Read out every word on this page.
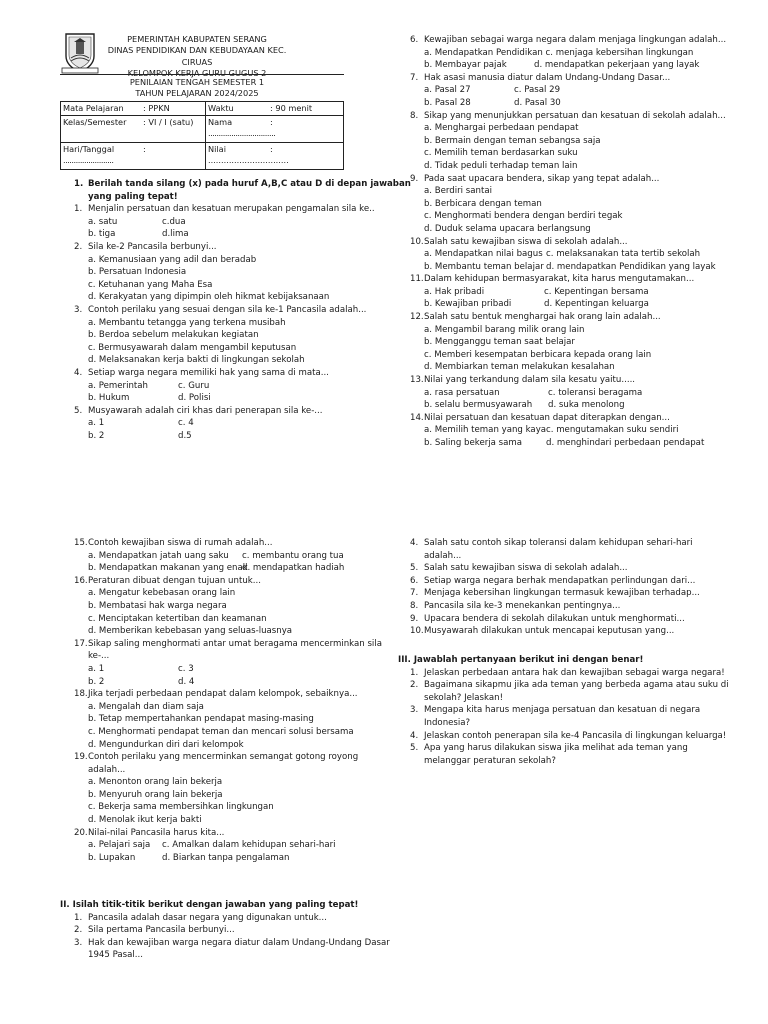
PEMERINTAH KABUPATEN SERANG
DINAS PENDIDIKAN DAN KEBUDAYAAN KEC. CIRUAS
KELOMPOK KERJA GURU GUGUS 2
PENILAIAN TENGAH SEMESTER 1
TAHUN PELAJARAN 2024/2025
Mata Pelajaran : PPKN	Waktu : 90 menit
Kelas/Semester : VI / I (satu)	Nama :
................................
Hari/Tanggal :
........................	Nilai : ...............................
1. Berilah tanda silang (x) pada huruf A,B,C atau D di depan jawaban
yang paling tepat!
1. Menjalin persatuan dan kesatuan merupakan pengamalan sila ke..
a. satu	c.dua
b. tiga	d.lima
2. Sila ke-2 Pancasila berbunyi...
a. Kemanusiaan yang adil dan beradab
b. Persatuan Indonesia
c. Ketuhanan yang Maha Esa
d. Kerakyatan yang dipimpin oleh hikmat kebijaksanaan
3. Contoh perilaku yang sesuai dengan sila ke-1 Pancasila adalah...
a. Membantu tetangga yang terkena musibah
b. Berdoa sebelum melakukan kegiatan
c. Bermusyawarah dalam mengambil keputusan
d. Melaksanakan kerja bakti di lingkungan sekolah
4. Setiap warga negara memiliki hak yang sama di mata...
a. Pemerintah	c. Guru
b. Hukum	d. Polisi
5. Musyawarah adalah ciri khas dari penerapan sila ke-...
a. 1	c. 4
b. 2	d.5
6. Kewajiban sebagai warga negara dalam menjaga lingkungan adalah...
a. Mendapatkan Pendidikan c. menjaga kebersihan lingkungan
b. Membayar pajak	d. mendapatkan pekerjaan yang layak
7. Hak asasi manusia diatur dalam Undang-Undang Dasar...
a. Pasal 27	c. Pasal 29
b. Pasal 28	d. Pasal 30
8. Sikap yang menunjukkan persatuan dan kesatuan di sekolah adalah...
a. Menghargai perbedaan pendapat
b. Bermain dengan teman sebangsa saja
c. Memilih teman berdasarkan suku
d. Tidak peduli terhadap teman lain
9. Pada saat upacara bendera, sikap yang tepat adalah...
a. Berdiri santai
b. Berbicara dengan teman
c. Menghormati bendera dengan berdiri tegak
d. Duduk selama upacara berlangsung
10.Salah satu kewajiban siswa di sekolah adalah...
a. Mendapatkan nilai bagus c. melaksanakan tata tertib sekolah
b. Membantu teman belajar d. mendapatkan Pendidikan yang layak
11.Dalam kehidupan bermasyarakat, kita harus mengutamakan...
a. Hak pribadi	c. Kepentingan bersama
b. Kewajiban pribadi	d. Kepentingan keluarga
12.Salah satu bentuk menghargai hak orang lain adalah...
a. Mengambil barang milik orang lain
b. Mengganggu teman saat belajar
c. Memberi kesempatan berbicara kepada orang lain
d. Membiarkan teman melakukan kesalahan
13.Nilai yang terkandung dalam sila kesatu yaitu.....
a. rasa persatuan	c. toleransi beragama
b. selalu bermusyawarah d. suka menolong
14.Nilai persatuan dan kesatuan dapat diterapkan dengan...
a. Memilih teman yang kaya c. mengutamakan suku sendiri
b. Saling bekerja sama	d. menghindari perbedaan pendapat
15.Contoh kewajiban siswa di rumah adalah...
a. Mendapatkan jatah uang saku c. membantu orang tua
b. Mendapatkan makanan yang enak
d. mendapatkan hadiah
16.Peraturan dibuat dengan tujuan untuk...
a. Mengatur kebebasan orang lain
b. Membatasi hak warga negara
c. Menciptakan ketertiban dan keamanan
d. Memberikan kebebasan yang seluas-luasnya
17.Sikap saling menghormati antar umat beragama mencerminkan sila
ke-...
a. 1	c. 3
b. 2	d. 4
18.Jika terjadi perbedaan pendapat dalam kelompok, sebaiknya...
a. Mengalah dan diam saja
b. Tetap mempertahankan pendapat masing-masing
c. Menghormati pendapat teman dan mencari solusi bersama
d. Mengundurkan diri dari kelompok
19.Contoh perilaku yang mencerminkan semangat gotong royong
adalah...
a. Menonton orang lain bekerja
b. Menyuruh orang lain bekerja
c. Bekerja sama membersihkan lingkungan
d. Menolak ikut kerja bakti
20.Nilai-nilai Pancasila harus kita...
a. Pelajari saja c. Amalkan dalam kehidupan sehari-hari
b. Lupakan	d. Biarkan tanpa pengalaman
II. Isilah titik-titik berikut dengan jawaban yang paling tepat!
1. Pancasila adalah dasar negara yang digunakan untuk...
2. Sila pertama Pancasila berbunyi...
3. Hak dan kewajiban warga negara diatur dalam Undang-Undang Dasar
1945 Pasal...
4. Salah satu contoh sikap toleransi dalam kehidupan sehari-hari
adalah...
5. Salah satu kewajiban siswa di sekolah adalah...
6. Setiap warga negara berhak mendapatkan perlindungan dari...
7. Menjaga kebersihan lingkungan termasuk kewajiban terhadap...
8. Pancasila sila ke-3 menekankan pentingnya...
9. Upacara bendera di sekolah dilakukan untuk menghormati...
10.Musyawarah dilakukan untuk mencapai keputusan yang...
III. Jawablah pertanyaan berikut ini dengan benar!
1. Jelaskan perbedaan antara hak dan kewajiban sebagai warga negara!
2. Bagaimana sikapmu jika ada teman yang berbeda agama atau suku di
sekolah? Jelaskan!
3. Mengapa kita harus menjaga persatuan dan kesatuan di negara
Indonesia?
4. Jelaskan contoh penerapan sila ke-4 Pancasila di lingkungan keluarga!
5. Apa yang harus dilakukan siswa jika melihat ada teman yang
melanggar peraturan sekolah?
